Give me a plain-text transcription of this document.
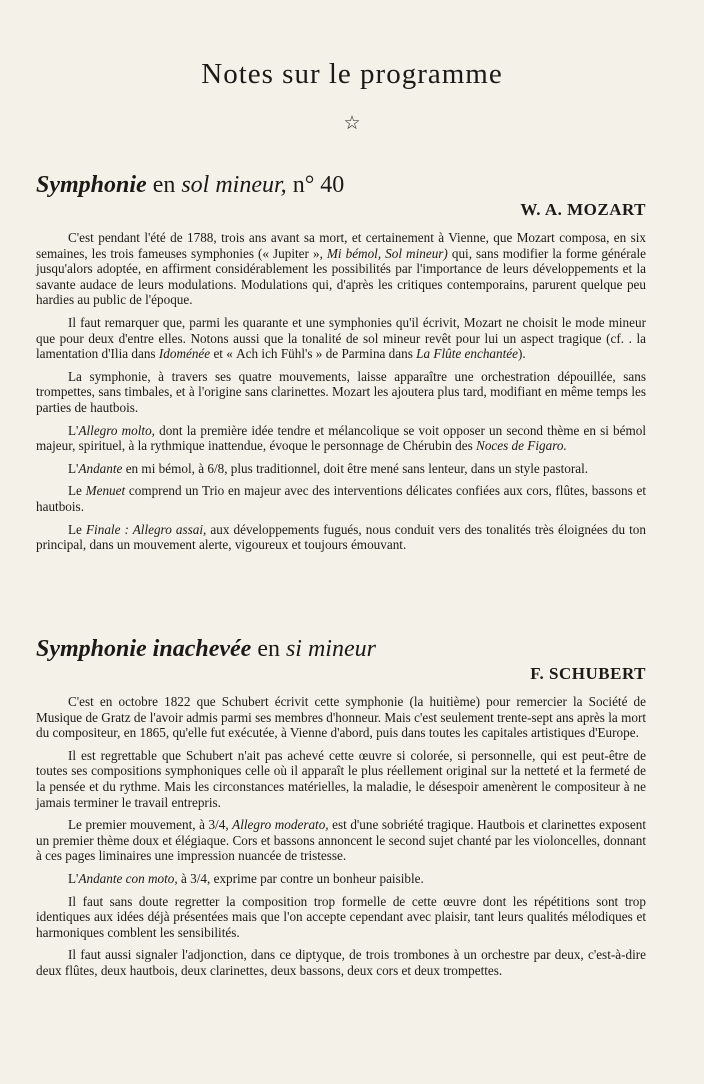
Notes sur le programme
☆
Symphonie en sol mineur, n° 40
W. A. MOZART

C'est pendant l'été de 1788, trois ans avant sa mort, et certainement à Vienne, que Mozart composa, en six semaines, les trois fameuses symphonies (« Jupiter », Mi bémol, Sol mineur) qui, sans modifier la forme générale jusqu'alors adoptée, en affirment considérablement les possibilités par l'importance de leurs développements et la savante audace de leurs modulations. Modulations qui, d'après les critiques contemporains, parurent quelque peu hardies au public de l'époque.

Il faut remarquer que, parmi les quarante et une symphonies qu'il écrivit, Mozart ne choisit le mode mineur que pour deux d'entre elles. Notons aussi que la tonalité de sol mineur revêt pour lui un aspect tragique (cf. . la lamentation d'Ilia dans Idoménée et « Ach ich Fühl's » de Parmina dans La Flûte enchantée).

La symphonie, à travers ses quatre mouvements, laisse apparaître une orchestration dépouillée, sans trompettes, sans timbales, et à l'origine sans clarinettes. Mozart les ajoutera plus tard, modifiant en même temps les parties de hautbois.

L'Allegro molto, dont la première idée tendre et mélancolique se voit opposer un second thème en si bémol majeur, spirituel, à la rythmique inattendue, évoque le personnage de Chérubin des Noces de Figaro.

L'Andante en mi bémol, à 6/8, plus traditionnel, doit être mené sans lenteur, dans un style pastoral.

Le Menuet comprend un Trio en majeur avec des interventions délicates confiées aux cors, flûtes, bassons et hautbois.

Le Finale : Allegro assai, aux développements fugués, nous conduit vers des tonalités très éloignées du ton principal, dans un mouvement alerte, vigoureux et toujours émouvant.

Symphonie inachevée en si mineur
F. SCHUBERT

C'est en octobre 1822 que Schubert écrivit cette symphonie (la huitième) pour remercier la Société de Musique de Gratz de l'avoir admis parmi ses membres d'honneur. Mais c'est seulement trente-sept ans après la mort du compositeur, en 1865, qu'elle fut exécutée, à Vienne d'abord, puis dans toutes les capitales artistiques d'Europe.

Il est regrettable que Schubert n'ait pas achevé cette œuvre si colorée, si personnelle, qui est peut-être de toutes ses compositions symphoniques celle où il apparaît le plus réellement original sur la netteté et la fermeté de la pensée et du rythme. Mais les circonstances matérielles, la maladie, le désespoir amenèrent le compositeur à ne jamais terminer le travail entrepris.

Le premier mouvement, à 3/4, Allegro moderato, est d'une sobriété tragique. Hautbois et clarinettes exposent un premier thème doux et élégiaque. Cors et bassons annoncent le second sujet chanté par les violoncelles, donnant à ces pages liminaires une impression nuancée de tristesse.

L'Andante con moto, à 3/4, exprime par contre un bonheur paisible.

Il faut sans doute regretter la composition trop formelle de cette œuvre dont les répétitions sont trop identiques aux idées déjà présentées mais que l'on accepte cependant avec plaisir, tant leurs qualités mélodiques et harmoniques comblent les sensibilités.

Il faut aussi signaler l'adjonction, dans ce diptyque, de trois trombones à un orchestre par deux, c'est-à-dire deux flûtes, deux hautbois, deux clarinettes, deux bassons, deux cors et deux trompettes.
